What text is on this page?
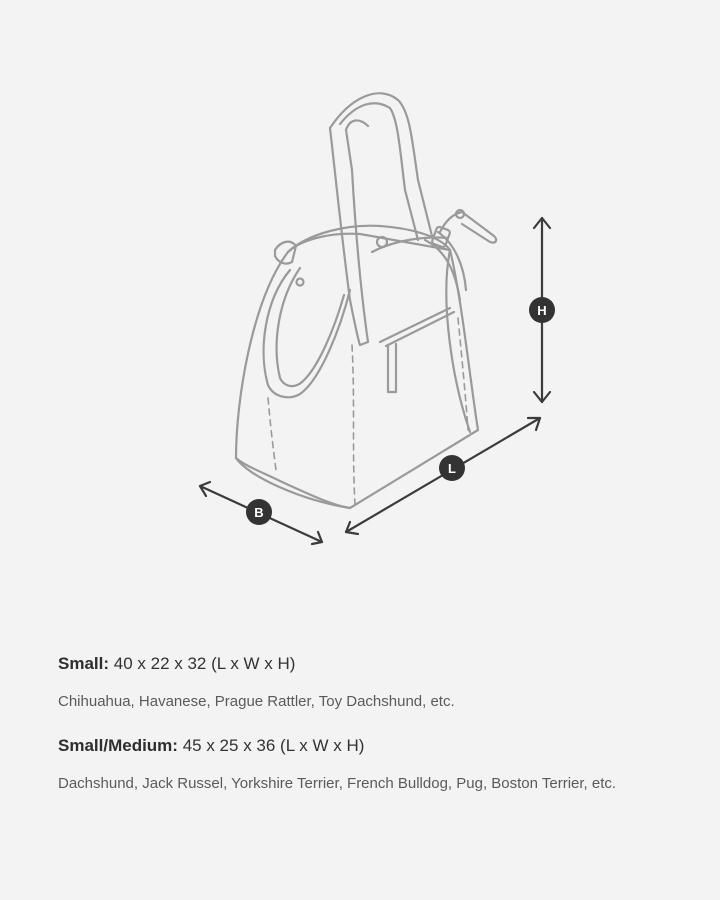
H
L
B

Small: 40 x 22 x 32 (L x W x H)

Chihuahua, Havanese, Prague Rattler, Toy Dachshund, etc.

Small/Medium: 45 x 25 x 36 (L x W x H)

Dachshund, Jack Russel, Yorkshire Terrier, French Bulldog, Pug, Boston Terrier, etc.
